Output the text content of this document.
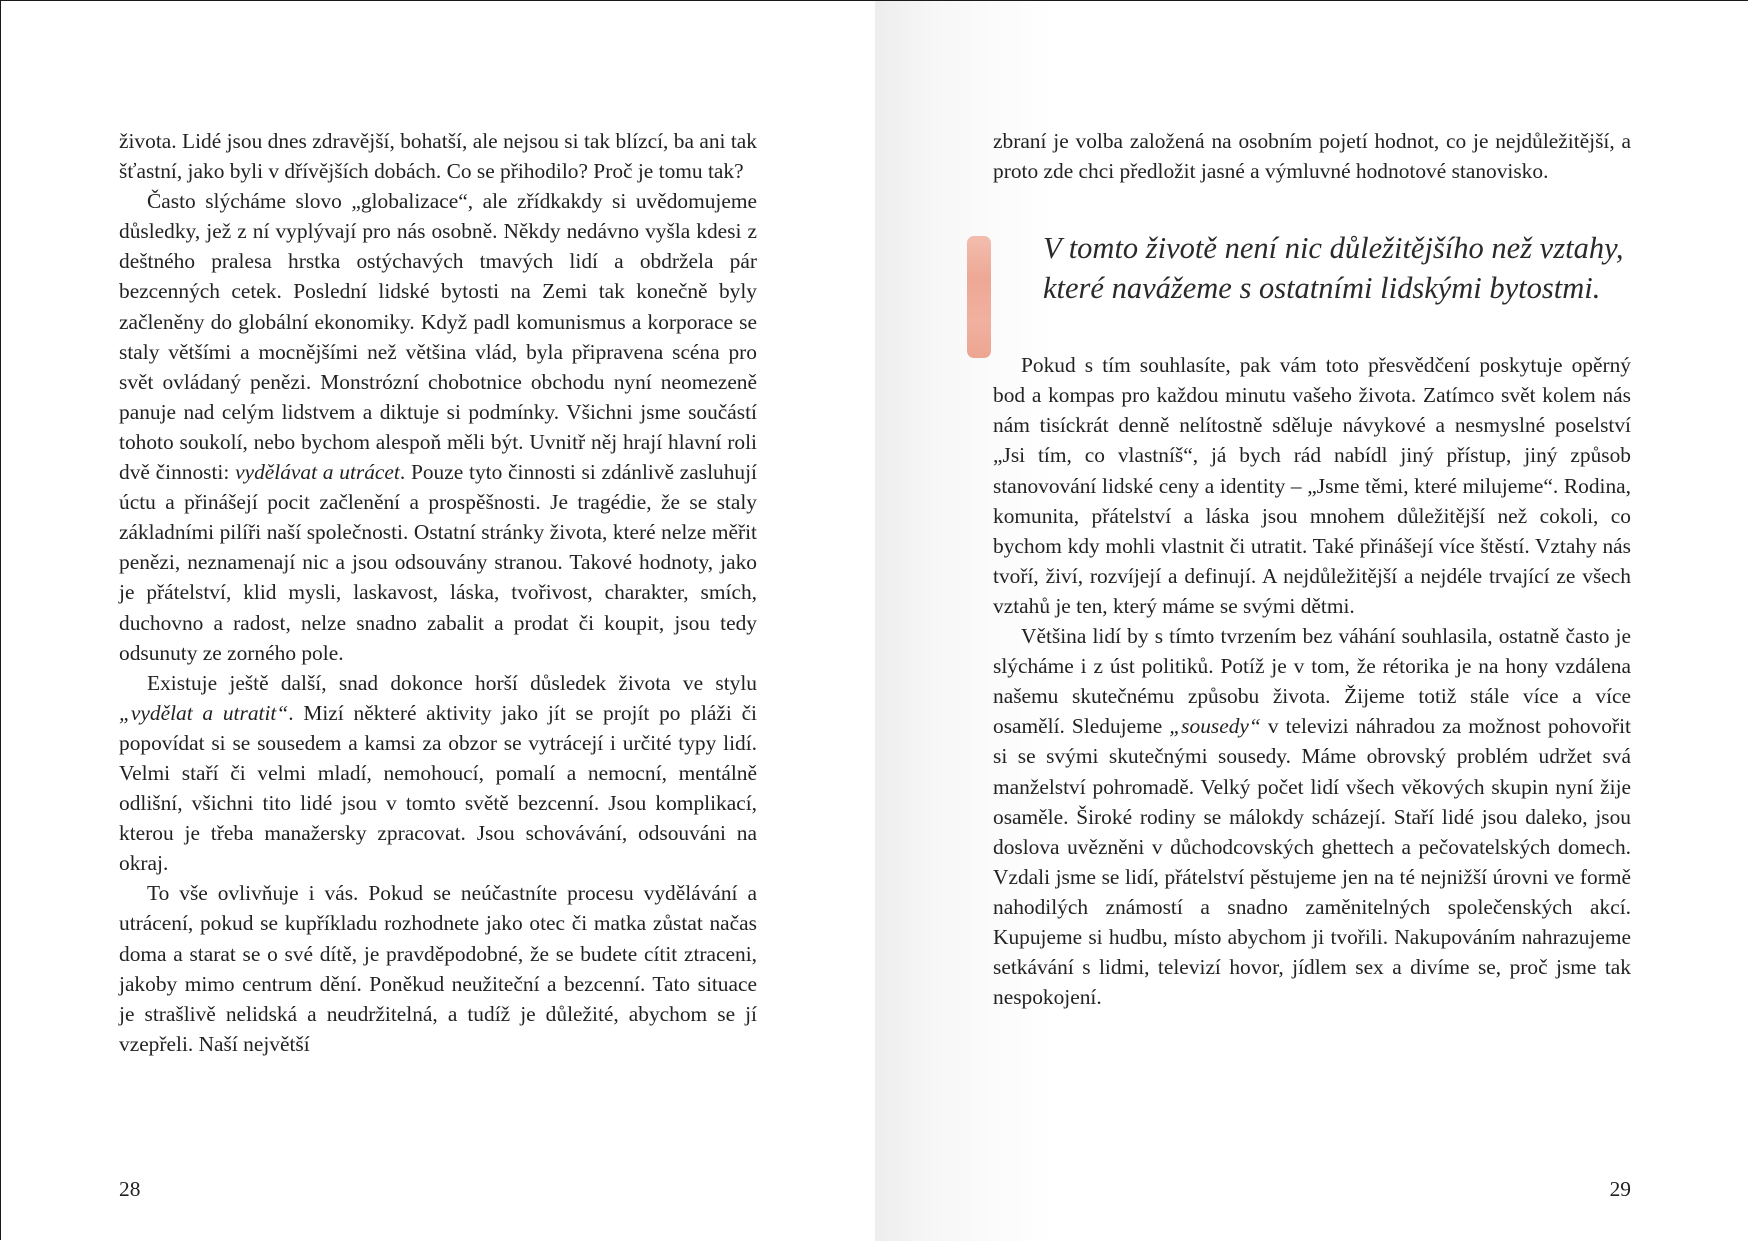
života. Lidé jsou dnes zdravější, bohatší, ale nejsou si tak blízcí, ba ani tak šťastní, jako byli v dřívějších dobách. Co se přihodilo? Proč je tomu tak?

Často slýcháme slovo „globalizace“, ale zřídkakdy si uvědomujeme důsledky, jež z ní vyplývají pro nás osobně. Někdy nedávno vyšla kdesi z deštného pralesa hrstka ostýchavých tmavých lidí a obdržela pár bezcenných cetek. Poslední lidské bytosti na Zemi tak konečně byly začleněny do globální ekonomiky. Když padl komunismus a korporace se staly většími a mocnějšími než většina vlád, byla připravena scéna pro svět ovládaný penězi. Monstrózní chobotnice obchodu nyní neomezeně panuje nad celým lidstvem a diktuje si podmínky. Všichni jsme součástí tohoto soukolí, nebo bychom alespoň měli být. Uvnitř něj hrají hlavní roli dvě činnosti: vydělávat a utrácet. Pouze tyto činnosti si zdánlivě zasluhují úctu a přinášejí pocit začlenění a prospěšnosti. Je tragédie, že se staly základními pilíři naší společnosti. Ostatní stránky života, které nelze měřit penězi, neznamenají nic a jsou odsouvány stranou. Takové hodnoty, jako je přátelství, klid mysli, laskavost, láska, tvořivost, charakter, smích, duchovno a radost, nelze snadno zabalit a prodat či koupit, jsou tedy odsunuty ze zorného pole.

Existuje ještě další, snad dokonce horší důsledek života ve stylu „vydělat a utratit“. Mizí některé aktivity jako jít se projít po pláži či popovídat si se sousedem a kamsi za obzor se vytrácejí i určité typy lidí. Velmi staří či velmi mladí, nemohoucí, pomalí a nemocní, mentálně odlišní, všichni tito lidé jsou v tomto světě bezcenní. Jsou komplikací, kterou je třeba manažersky zpracovat. Jsou schovávání, odsouváni na okraj.

To vše ovlivňuje i vás. Pokud se neúčastníte procesu vydělávání a utrácení, pokud se kupříkladu rozhodnete jako otec či matka zůstat načas doma a starat se o své dítě, je pravděpodobné, že se budete cítit ztraceni, jakoby mimo centrum dění. Poněkud neužiteční a bezcenní. Tato situace je strašlivě nelidská a neudržitelná, a tudíž je důležité, abychom se jí vzepřeli. Naší největší

28

zbraní je volba založená na osobním pojetí hodnot, co je nejdůležitější, a proto zde chci předložit jasné a výmluvné hodnotové stanovisko.

V tomto životě není nic důležitějšího než vztahy, které navážeme s ostatními lidskými bytostmi.

Pokud s tím souhlasíte, pak vám toto přesvědčení poskytuje opěrný bod a kompas pro každou minutu vašeho života. Zatímco svět kolem nás nám tisíckrát denně nelítostně sděluje návykové a nesmyslné poselství „Jsi tím, co vlastníš“, já bych rád nabídl jiný přístup, jiný způsob stanovování lidské ceny a identity – „Jsme těmi, které milujeme“. Rodina, komunita, přátelství a láska jsou mnohem důležitější než cokoli, co bychom kdy mohli vlastnit či utratit. Také přinášejí více štěstí. Vztahy nás tvoří, živí, rozvíjejí a definují. A nejdůležitější a nejdéle trvající ze všech vztahů je ten, který máme se svými dětmi.

Většina lidí by s tímto tvrzením bez váhání souhlasila, ostatně často je slýcháme i z úst politiků. Potíž je v tom, že rétorika je na hony vzdálena našemu skutečnému způsobu života. Žijeme totiž stále více a více osamělí. Sledujeme „sousedy“ v televizi náhradou za možnost pohovořit si se svými skutečnými sousedy. Máme obrovský problém udržet svá manželství pohromadě. Velký počet lidí všech věkových skupin nyní žije osaměle. Široké rodiny se málokdy scházejí. Staří lidé jsou daleko, jsou doslova uvězněni v důchodcovských ghettech a pečovatelských domech. Vzdali jsme se lidí, přátelství pěstujeme jen na té nejnižší úrovni ve formě nahodilých známostí a snadno zaměnitelných společenských akcí. Kupujeme si hudbu, místo abychom ji tvořili. Nakupováním nahrazujeme setkávání s lidmi, televizí hovor, jídlem sex a divíme se, proč jsme tak nespokojení.

29
